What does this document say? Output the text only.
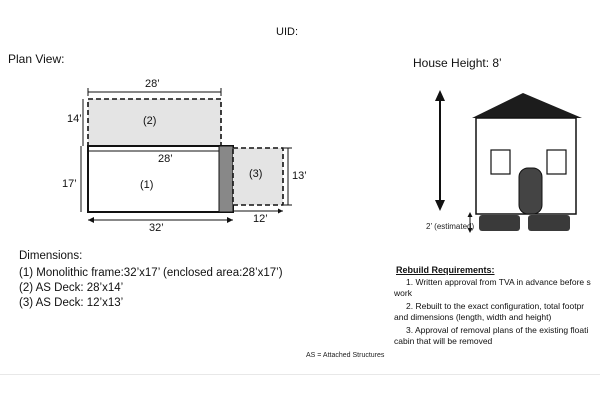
UID:
Plan View:
28’
14’	(2)
28’
17’	(1)
32’
(3)	13’
12’
House Height: 8’
2’ (estimated)
Dimensions:
(1) Monolithic frame:32’x17’ (enclosed area:28’x17’)
(2) AS Deck: 28’x14’
(3) AS Deck: 12’x13’
Rebuild Requirements:
1. Written approval from TVA in advance before s
work
2. Rebuilt to the exact configuration, total footpr
and dimensions (length, width and height)
3. Approval of removal plans of the existing floati
cabin that will be removed
AS = Attached Structures
